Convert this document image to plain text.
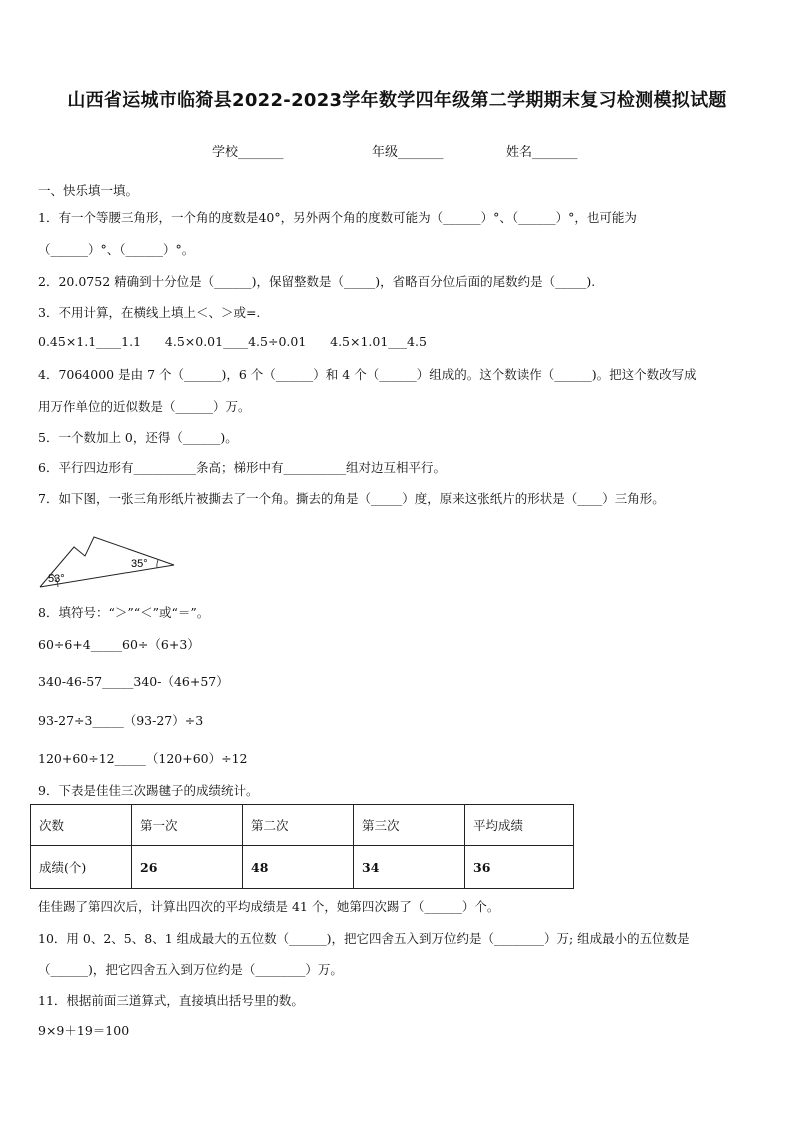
山西省运城市临猗县2022-2023学年数学四年级第二学期期末复习检测模拟试题
学校_______	年级_______	姓名_______
一、快乐填一填。
1．有一个等腰三角形，一个角的度数是40°，另外两个角的度数可能为（______）°、（______）°，也可能为
（______）°、（______）°。
2．20.0752 精确到十分位是（______)，保留整数是（_____)，省略百分位后面的尾数约是（_____).
3．不用计算，在横线上填上＜、＞或=.
0.45×1.1____1.1      4.5×0.01____4.5÷0.01      4.5×1.01___4.5
4．7064000 是由 7 个（______)，6 个（______）和 4 个（______）组成的。这个数读作（______)。把这个数改写成
用万作单位的近似数是（______）万。
5．一个数加上 0，还得（______)。
6．平行四边形有__________条高；梯形中有__________组对边互相平行。
7．如下图，一张三角形纸片被撕去了一个角。撕去的角是（_____）度，原来这张纸片的形状是（____）三角形。
53°
35°
8．填符号：“＞”“＜”或“＝”。
60÷6+4_____60÷（6+3）
340-46-57_____340-（46+57）
93-27÷3_____（93-27）÷3
120+60÷12_____（120+60）÷12
9．下表是佳佳三次踢毽子的成绩统计。
次数	第一次	第二次	第三次	平均成绩
成绩(个)	26	48	34	36
佳佳踢了第四次后，计算出四次的平均成绩是 41 个，她第四次踢了（______）个。
10．用 0、2、5、8、1 组成最大的五位数（______)，把它四舍五入到万位约是（________）万; 组成最小的五位数是
（______)，把它四舍五入到万位约是（________）万。
11．根据前面三道算式，直接填出括号里的数。
9×9＋19＝100
